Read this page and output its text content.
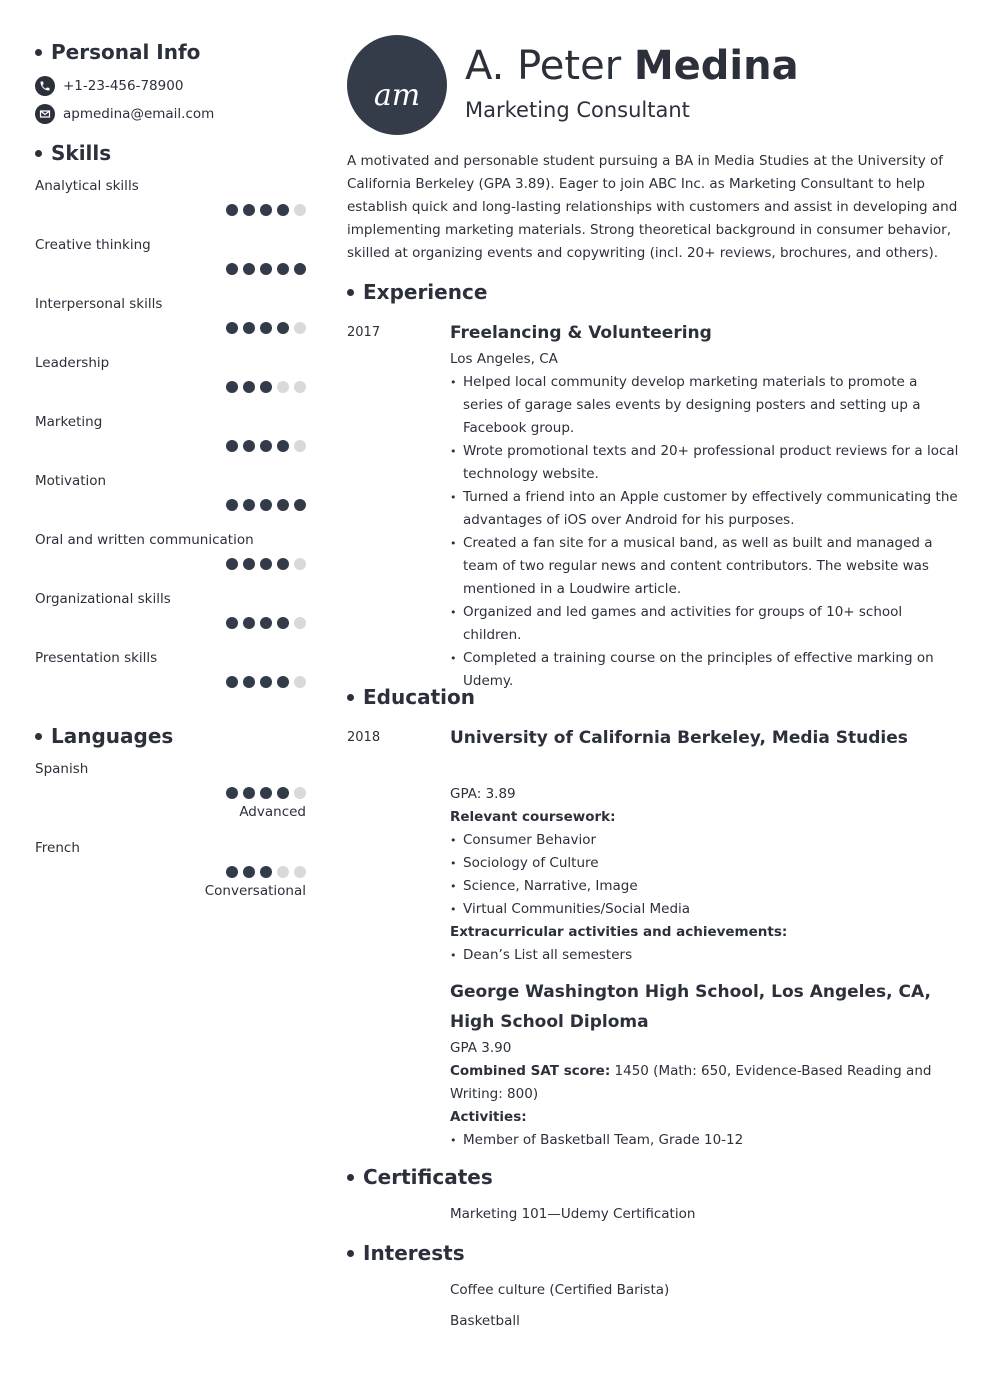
Personal Info
+1-23-456-78900
apmedina@email.com
Skills
Analytical skills
Creative thinking
Interpersonal skills
Leadership
Marketing
Motivation
Oral and written communication
Organizational skills
Presentation skills
Languages
Spanish
Advanced
French
Conversational
am
A. Peter Medina
Marketing Consultant

A motivated and personable student pursuing a BA in Media Studies at the University of California Berkeley (GPA 3.89). Eager to join ABC Inc. as Marketing Consultant to help establish quick and long-lasting relationships with customers and assist in developing and implementing marketing materials. Strong theoretical background in consumer behavior, skilled at organizing events and copywriting (incl. 20+ reviews, brochures, and others).

Experience
2017	Freelancing & Volunteering
Los Angeles, CA
• Helped local community develop marketing materials to promote a series of garage sales events by designing posters and setting up a Facebook group.
• Wrote promotional texts and 20+ professional product reviews for a local technology website.
• Turned a friend into an Apple customer by effectively communicating the advantages of iOS over Android for his purposes.
• Created a fan site for a musical band, as well as built and managed a team of two regular news and content contributors. The website was mentioned in a Loudwire article.
• Organized and led games and activities for groups of 10+ school children.
• Completed a training course on the principles of effective marking on Udemy.
Education
2018	University of California Berkeley, Media Studies
GPA: 3.89
Relevant coursework:
• Consumer Behavior
• Sociology of Culture
• Science, Narrative, Image
• Virtual Communities/Social Media
Extracurricular activities and achievements:
• Dean’s List all semesters
George Washington High School, Los Angeles, CA, High School Diploma
GPA 3.90
Combined SAT score: 1450 (Math: 650, Evidence-Based Reading and Writing: 800)
Activities:
• Member of Basketball Team, Grade 10-12
Certificates
Marketing 101—Udemy Certification
Interests
Coffee culture (Certified Barista)
Basketball
